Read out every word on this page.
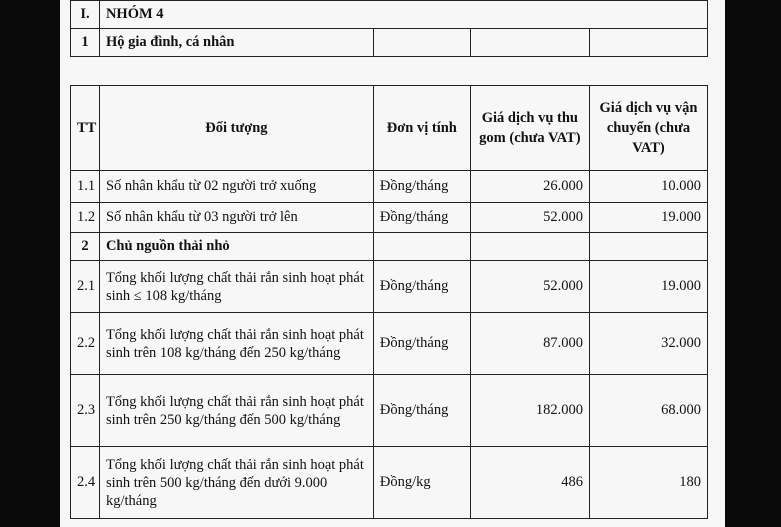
I.	NHÓM 4			
1	Hộ gia đình, cá nhân			
TT	Đối tượng	Đơn vị tính	Giá dịch vụ thu gom (chưa VAT)	Giá dịch vụ vận chuyển (chưa VAT)
1.1	Số nhân khẩu từ 02 người trở xuống	Đồng/tháng	26.000	10.000
1.2	Số nhân khẩu từ 03 người trở lên	Đồng/tháng	52.000	19.000
2	Chủ nguồn thải nhỏ			
2.1	Tổng khối lượng chất thải rắn sinh hoạt phát sinh ≤ 108 kg/tháng	Đồng/tháng	52.000	19.000
2.2	Tổng khối lượng chất thải rắn sinh hoạt phát sinh trên 108 kg/tháng đến 250 kg/tháng	Đồng/tháng	87.000	32.000
2.3	Tổng khối lượng chất thải rắn sinh hoạt phát sinh trên 250 kg/tháng đến 500 kg/tháng	Đồng/tháng	182.000	68.000
2.4	Tổng khối lượng chất thải rắn sinh hoạt phát sinh trên 500 kg/tháng đến dưới 9.000 kg/tháng	Đồng/kg	486	180
